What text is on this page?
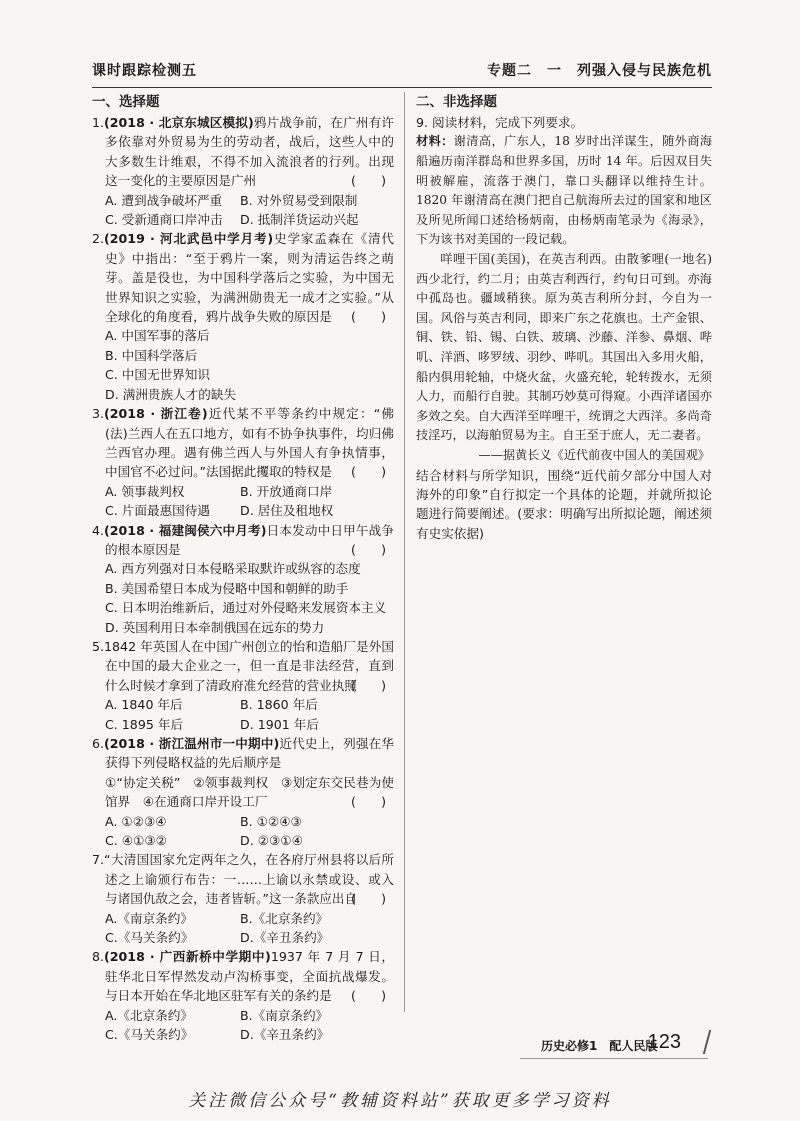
课时跟踪检测五	专题二　一　列强入侵与民族危机
一、选择题
1.(2018 · 北京东城区模拟)鸦片战争前，在广州有许多依靠对外贸易为生的劳动者，战后，这些人中的大多数生计维艰，不得不加入流浪者的行列。出现这一变化的主要原因是广州	(　　)
A. 遭到战争破坏严重	B. 对外贸易受到限制
C. 受新通商口岸冲击	D. 抵制洋货运动兴起
2.(2019 · 河北武邑中学月考)史学家孟森在《清代史》中指出：“至于鸦片一案，则为清运告终之萌芽。盖是役也，为中国科学落后之实验，为中国无世界知识之实验，为满洲勋贵无一成才之实验。”从全球化的角度看，鸦片战争失败的原因是 (　　)
A. 中国军事的落后
B. 中国科学落后
C. 中国无世界知识
D. 满洲贵族人才的缺失
3.(2018 · 浙江卷)近代某不平等条约中规定：“佛(法)兰西人在五口地方，如有不协争执事件，均归佛兰西官办理。遇有佛兰西人与外国人有争执情事，中国官不必过问。”法国据此攫取的特权是 (　　)
A. 领事裁判权	B. 开放通商口岸
C. 片面最惠国待遇	D. 居住及租地权
4.(2018 · 福建闽侯六中月考)日本发动中日甲午战争的根本原因是	(　　)
A. 西方列强对日本侵略采取默许或纵容的态度
B. 美国希望日本成为侵略中国和朝鲜的助手
C. 日本明治维新后，通过对外侵略来发展资本主义
D. 英国利用日本牵制俄国在远东的势力
5.1842 年英国人在中国广州创立的怡和造船厂是外国在中国的最大企业之一，但一直是非法经营，直到什么时候才拿到了清政府准允经营的营业执照
(　　)
A. 1840 年后	B. 1860 年后
C. 1895 年后	D. 1901 年后
6.(2018 · 浙江温州市一中期中)近代史上，列强在华获得下列侵略权益的先后顺序是
①“协定关税”　②领事裁判权　③划定东交民巷为使馆界　④在通商口岸开设工厂	(　　)
A. ①②③④	B. ①②④③
C. ④①③②	D. ②③①④
7.“大清国国家允定两年之久，在各府厅州县将以后所述之上谕颁行布告：一……上谕以永禁或设、或入与诸国仇敌之会，违者皆斩。”这一条款应出自
(　　)
A.《南京条约》	B.《北京条约》
C.《马关条约》	D.《辛丑条约》
8.(2018 · 广西新桥中学期中)1937 年 7 月 7 日，驻华北日军悍然发动卢沟桥事变，全面抗战爆发。与日本开始在华北地区驻军有关的条约是 (　　)
A.《北京条约》	B.《南京条约》
C.《马关条约》	D.《辛丑条约》
二、非选择题
9. 阅读材料，完成下列要求。

材料：谢清高，广东人，18 岁时出洋谋生，随外商海船遍历南洋群岛和世界多国，历时 14 年。后因双目失明被解雇，流落于澳门，靠口头翻译以维持生计。1820 年谢清高在澳门把自己航海所去过的国家和地区及所见所闻口述给杨炳南，由杨炳南笔录为《海录》，下为该书对美国的一段记载。

咩哩干国(美国)，在英吉利西。由散爹哩(一地名)西少北行，约二月；由英吉利西行，约旬日可到。亦海中孤岛也。疆域稍狭。原为英吉利所分封，今自为一国。风俗与英吉利同，即来广东之花旗也。土产金银、铜、铁、铅、锡、白铁、玻璃、沙藤、洋参、鼻烟、哔叽、洋酒、哆罗绒、羽纱、哔叽。其国出入多用火船，船内俱用轮轴，中烧火盆，火盛充轮，轮转拨水，无须人力，而船行自驶。其制巧妙莫可得窥。小西洋诸国亦多效之矣。自大西洋至咩哩干，统谓之大西洋。多尚奇技淫巧，以海舶贸易为主。自王至于庶人，无二妻者。

——据黄长义《近代前夜中国人的美国观》

结合材料与所学知识，围绕“近代前夕部分中国人对海外的印象”自行拟定一个具体的论题，并就所拟论题进行简要阐述。(要求：明确写出所拟论题，阐述须有史实依据)
历史必修1　配人民版
123
关注微信公众号“教辅资料站”获取更多学习资料
